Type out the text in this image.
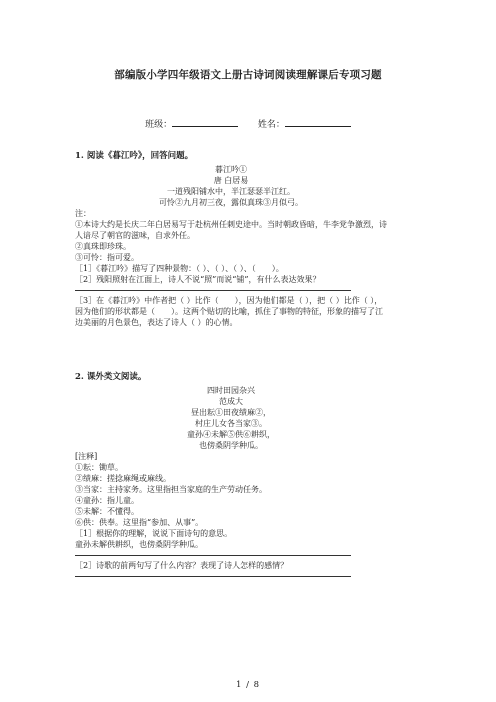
部编版小学四年级语文上册古诗词阅读理解课后专项习题
班级：	姓名：
1. 阅读《暮江吟》，回答问题。
暮江吟①
唐 白居易
一道残阳铺水中，半江瑟瑟半江红。
可怜②九月初三夜，露似真珠③月似弓。

注：

①本诗大约是长庆二年白居易写于赴杭州任刺史途中。当时朝政昏暗，牛李党争激烈，诗人谙尽了朝官的滋味，自求外任。

②真珠即珍珠。

③可怜：指可爱。

［1］《暮江吟》描写了四种景物：（ ）、（ ）、（ ）、（　　）。

［2］残阳照射在江面上，诗人不说“照”而说“铺”，有什么表达效果？

［3］在《暮江吟》中作者把（ ）比作（　　），因为他们都是（ ），把（ ）比作（ ），因为他们的形状都是（　　）。这两个贴切的比喻，抓住了事物的特征，形象的描写了江边美丽的月色景色，表达了诗人（ ）的心情。

2. 课外类文阅读。
四时田园杂兴
范成大
昼出耘①田夜绩麻②，
村庄儿女各当家③。
童孙④未解⑤供⑥耕织，
也傍桑阴学种瓜。

[注释]

①耘：锄草。

②绩麻：搓捻麻绳或麻线。

③当家：主持家务。这里指担当家庭的生产劳动任务。

④童孙：指儿童。

⑤未解：不懂得。

⑥供：供奉。这里指“参加、从事”。

［1］根据你的理解，说说下面诗句的意思。

童孙未解供耕织，也傍桑阴学种瓜。

［2］诗歌的前两句写了什么内容？表现了诗人怎样的感情？

1 / 8
